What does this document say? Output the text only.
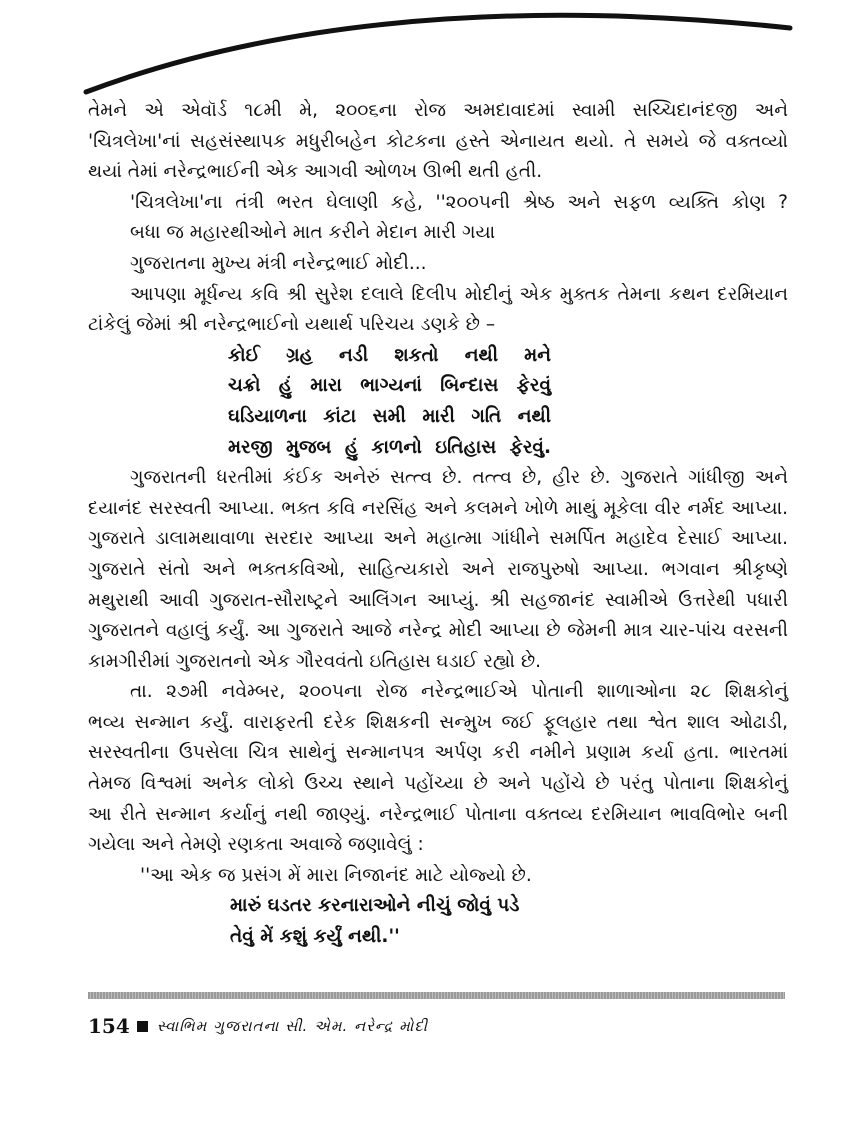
તેમને એ એવૉર્ડ ૧૮મી મે, ૨૦૦૬ના રોજ અમદાવાદમાં સ્વામી સચ્ચિદાનંદજી અને
'ચિત્રલેખા'નાં સહસંસ્થાપક મધુરીબહેન કોટકના હસ્તે એનાયત થયો. તે સમયે જે વક્તવ્યો
થયાં તેમાં નરેન્દ્રભાઈની એક આગવી ઓળખ ઊભી થતી હતી.
'ચિત્રલેખા'ના તંત્રી ભરત ઘેલાણી કહે, ''૨૦૦૫ની શ્રેષ્ઠ અને સફળ વ્યક્તિ કોણ ?
બધા જ મહારથીઓને માત કરીને મેદાન મારી ગયા
ગુજરાતના મુખ્ય મંત્રી નરેન્દ્રભાઈ મોદી...
આપણા મૂર્ધન્ય કવિ શ્રી સુરેશ દલાલે દિલીપ મોદીનું એક મુક્તક તેમના કથન દરમિયાન
ટાંકેલું જેમાં શ્રી નરેન્દ્રભાઈનો યથાર્થ પરિચય ડણકે છે –
કોઈ ગ્રહ નડી શકતો નથી મને
ચક્રો હું મારા ભાગ્યનાં બિન્દાસ ફેરવું
ઘડિયાળના કાંટા સમી મારી ગતિ નથી
મરજી મુજબ હું કાળનો ઇતિહાસ ફેરવું.
ગુજરાતની ધરતીમાં કંઈક અનેરું સત્ત્વ છે. તત્ત્વ છે, હીર છે. ગુજરાતે ગાંધીજી અને
દયાનંદ સરસ્વતી આપ્યા. ભક્ત કવિ નરસિંહ અને કલમને ખોળે માથું મૂકેલા વીર નર્મદ આપ્યા.
ગુજરાતે ડાલામથાવાળા સરદાર આપ્યા અને મહાત્મા ગાંધીને સમર્પિત મહાદેવ દેસાઈ આપ્યા.
ગુજરાતે સંતો અને ભક્તકવિઓ, સાહિત્યકારો અને રાજપુરુષો આપ્યા. ભગવાન શ્રીકૃષ્ણે
મથુરાથી આવી ગુજરાત-સૌરાષ્ટ્રને આલિંગન આપ્યું. શ્રી સહજાનંદ સ્વામીએ ઉત્તરેથી પધારી
ગુજરાતને વહાલું કર્યું. આ ગુજરાતે આજે નરેન્દ્ર મોદી આપ્યા છે જેમની માત્ર ચાર-પાંચ વરસની
કામગીરીમાં ગુજરાતનો એક ગૌરવવંતો ઇતિહાસ ઘડાઈ રહ્યો છે.
તા. ૨૭મી નવેમ્બર, ૨૦૦૫ના રોજ નરેન્દ્રભાઈએ પોતાની શાળાઓના ૨૮ શિક્ષકોનું
ભવ્ય સન્માન કર્યું. વારાફરતી દરેક શિક્ષકની સન્મુખ જઈ ફૂલહાર તથા શ્વેત શાલ ઓઢાડી,
સરસ્વતીના ઉપસેલા ચિત્ર સાથેનું સન્માનપત્ર અર્પણ કરી નમીને પ્રણામ કર્યા હતા. ભારતમાં
તેમજ વિશ્વમાં અનેક લોકો ઉચ્ચ સ્થાને પહોંચ્યા છે અને પહોંચે છે પરંતુ પોતાના શિક્ષકોનું
આ રીતે સન્માન કર્યાનું નથી જાણ્યું. નરેન્દ્રભાઈ પોતાના વક્તવ્ય દરમિયાન ભાવવિભોર બની
ગયેલા અને તેમણે રણકતા અવાજે જણાવેલું :
''આ એક જ પ્રસંગ મેં મારા નિજાનંદ માટે યોજ્યો છે.
મારું ઘડતર કરનારાઓને નીચું જોવું પડે
તેવું મેં કશું કર્યું નથી.''
154 સ્વાભિમ ગુજરાતના સી. એમ. નરેન્દ્ર મોદી
